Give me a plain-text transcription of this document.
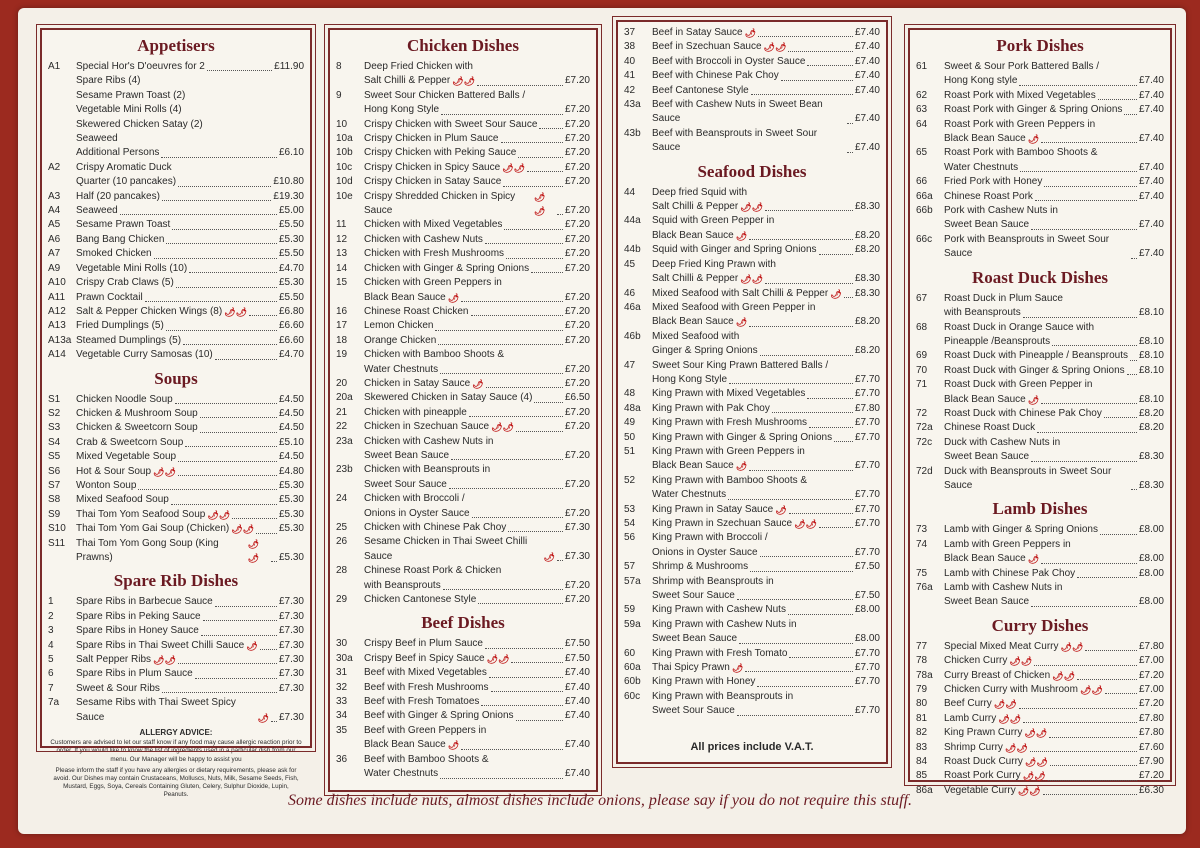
Appetisers
A1	Special Hor's D'oeuvres for 2	£11.90
Spare Ribs (4)
Sesame Prawn Toast (2)
Vegetable Mini Rolls (4)
Skewered Chicken Satay (2)
Seaweed
Additional Persons	£6.10
A2	Crispy Aromatic Duck
Quarter (10 pancakes)	£10.80
A3	Half (20 pancakes)	£19.30
A4	Seaweed	£5.00
A5	Sesame Prawn Toast	£5.50
A6	Bang Bang Chicken	£5.30
A7	Smoked Chicken	£5.50
A9	Vegetable Mini Rolls (10)	£4.70
A10	Crispy Crab Claws (5)	£5.30
A11	Prawn Cocktail	£5.50
A12	Salt & Pepper Chicken Wings (8) 🌶🌶	£6.80
A13	Fried Dumplings (5)	£6.60
A13a Steamed Dumplings (5)	£6.60
A14	Vegetable Curry Samosas (10)	£4.70
Soups
S1	Chicken Noodle Soup	£4.50
S2	Chicken & Mushroom Soup	£4.50
S3	Chicken & Sweetcorn Soup	£4.50
S4	Crab & Sweetcorn Soup	£5.10
S5	Mixed Vegetable Soup	£4.50
S6	Hot & Sour Soup 🌶🌶	£4.80
S7	Wonton Soup	£5.30
S8	Mixed Seafood Soup	£5.30
S9	Thai Tom Yom Seafood Soup 🌶🌶	£5.30
S10	Thai Tom Yom Gai Soup (Chicken) 🌶🌶 £5.30
S11	Thai Tom Yom Gong Soup (King Prawns)
🌶🌶	£5.30
Spare Rib Dishes
1	Spare Ribs in Barbecue Sauce	£7.30
2	Spare Ribs in Peking Sauce	£7.30
3	Spare Ribs in Honey Sauce	£7.30
4	Spare Ribs in Thai Sweet Chilli Sauce 🌶 £7.30
5	Salt Pepper Ribs 🌶🌶	£7.30
6	Spare Ribs in Plum Sauce	£7.30
7	Sweet & Sour Ribs	£7.30
7a	Sesame Ribs with Thai Sweet Spicy Sauce	🌶 £7.30
ALLERGY ADVICE:
Customers are advised to let our staff know if any food may cause allergic reaction prior to order. If you would like to know the list of ingredients used in a particular dish from our menu. Our Manager will be happy to assist you
Please inform the staff if you have any allergies or dietary requirements, please ask for avoid. Our Dishes may contain Crustaceans, Molluscs, Nuts, Milk, Sesame Seeds, Fish, Mustard, Eggs, Soya, Cereals Containing Gluten, Celery, Sulphur Dioxide, Lupin, Peanuts.
Chicken Dishes
8	Deep Fried Chicken with
Salt Chilli & Pepper 🌶🌶	£7.20
9	Sweet Sour Chicken Battered Balls /
Hong Kong Style	£7.20
10	Crispy Chicken with Sweet Sour Sauce	£7.20
10a	Crispy Chicken in Plum Sauce	£7.20
10b	Crispy Chicken with Peking Sauce	£7.20
10c	Crispy Chicken in Spicy Sauce 🌶🌶	£7.20
10d	Crispy Chicken in Satay Sauce	£7.20
10e	Crispy Shredded Chicken in Spicy Sauce
🌶🌶	£7.20
11	Chicken with Mixed Vegetables	£7.20
12	Chicken with Cashew Nuts	£7.20
13	Chicken with Fresh Mushrooms	£7.20
14	Chicken with Ginger & Spring Onions	£7.20
15	Chicken with Green Peppers in
Black Bean Sauce 🌶	£7.20
16	Chinese Roast Chicken	£7.20
17	Lemon Chicken	£7.20
18	Orange Chicken	£7.20
19	Chicken with Bamboo Shoots &
Water Chestnuts	£7.20
20	Chicken in Satay Sauce 🌶	£7.20
20a	Skewered Chicken in Satay Sauce (4)	£6.50
21	Chicken with pineapple	£7.20
22	Chicken in Szechuan Sauce 🌶🌶	£7.20
23a	Chicken with Cashew Nuts in
Sweet Bean Sauce	£7.20
23b	Chicken with Beansprouts in
Sweet Sour Sauce	£7.20
24	Chicken with Broccoli /
Onions in Oyster Sauce	£7.20
25	Chicken with Chinese Pak Choy	£7.30
26	Sesame Chicken in Thai Sweet Chilli Sauce	🌶 £7.30
28	Chinese Roast Pork & Chicken
with Beansprouts	£7.20
29	Chicken Cantonese Style	£7.20
Beef Dishes
30	Crispy Beef in Plum Sauce	£7.50
30a	Crispy Beef in Spicy Sauce 🌶🌶	£7.50
31	Beef with Mixed Vegetables	£7.40
32	Beef with Fresh Mushrooms	£7.40
33	Beef with Fresh Tomatoes	£7.40
34	Beef with Ginger & Spring Onions	£7.40
35	Beef with Green Peppers in
Black Bean Sauce 🌶	£7.40
36	Beef with Bamboo Shoots &
Water Chestnuts	£7.40
37	Beef in Satay Sauce 🌶	£7.40
38	Beef in Szechuan Sauce 🌶🌶	£7.40
40	Beef with Broccoli in Oyster Sauce	£7.40
41	Beef with Chinese Pak Choy	£7.40
42	Beef Cantonese Style	£7.40
43a	Beef with Cashew Nuts in Sweet Bean Sauce	£7.40
43b	Beef with Beansprouts in Sweet Sour Sauce	£7.40
Seafood Dishes
44	Deep fried Squid with
Salt Chilli & Pepper 🌶🌶	£8.30
44a	Squid with Green Pepper in
Black Bean Sauce 🌶	£8.20
44b	Squid with Ginger and Spring Onions	£8.20
45	Deep Fried King Prawn with
Salt Chilli & Pepper 🌶🌶	£8.30
46	Mixed Seafood with Salt Chilli & Pepper 🌶 £8.30
46a	Mixed Seafood with Green Pepper in
Black Bean Sauce 🌶	£8.20
46b	Mixed Seafood with
Ginger & Spring Onions	£8.20
47	Sweet Sour King Prawn Battered Balls /
Hong Kong Style	£7.70
48	King Prawn with Mixed Vegetables	£7.70
48a	King Prawn with Pak Choy	£7.80
49	King Prawn with Fresh Mushrooms	£7.70
50	King Prawn with Ginger & Spring Onions £7.70
51	King Prawn with Green Peppers in
Black Bean Sauce 🌶	£7.70
52	King Prawn with Bamboo Shoots &
Water Chestnuts	£7.70
53	King Prawn in Satay Sauce 🌶	£7.70
54	King Prawn in Szechuan Sauce 🌶🌶	£7.70
56	King Prawn with Broccoli /
Onions in Oyster Sauce	£7.70
57	Shrimp & Mushrooms	£7.50
57a	Shrimp with Beansprouts in
Sweet Sour Sauce	£7.50
59	King Prawn with Cashew Nuts	£8.00
59a	King Prawn with Cashew Nuts in
Sweet Bean Sauce	£8.00
60	King Prawn with Fresh Tomato	£7.70
60a	Thai Spicy Prawn 🌶	£7.70
60b	King Prawn with Honey	£7.70
60c	King Prawn with Beansprouts in
Sweet Sour Sauce	£7.70
All prices include V.A.T.
Pork Dishes
61	Sweet & Sour Pork Battered Balls /
Hong Kong style	£7.40
62	Roast Pork with Mixed Vegetables	£7.40
63	Roast Pork with Ginger & Spring Onions £7.40
64	Roast Pork with Green Peppers in
Black Bean Sauce 🌶	£7.40
65	Roast Pork with Bamboo Shoots &
Water Chestnuts	£7.40
66	Fried Pork with Honey	£7.40
66a	Chinese Roast Pork	£7.40
66b	Pork with Cashew Nuts in
Sweet Bean Sauce	£7.40
66c	Pork with Beansprouts in Sweet Sour Sauce	£7.40
Roast Duck Dishes
67	Roast Duck in Plum Sauce
with Beansprouts	£8.10
68	Roast Duck in Orange Sauce with
Pineapple /Beansprouts	£8.10
69	Roast Duck with Pineapple / Beansprouts £8.10
70	Roast Duck with Ginger & Spring Onions £8.10
71	Roast Duck with Green Pepper in
Black Bean Sauce 🌶	£8.10
72	Roast Duck with Chinese Pak Choy	£8.20
72a	Chinese Roast Duck	£8.20
72c	Duck with Cashew Nuts in
Sweet Bean Sauce	£8.30
72d	Duck with Beansprouts in Sweet Sour Sauce	£8.30
Lamb Dishes
73	Lamb with Ginger & Spring Onions	£8.00
74	Lamb with Green Peppers in
Black Bean Sauce 🌶	£8.00
75	Lamb with Chinese Pak Choy	£8.00
76a	Lamb with Cashew Nuts in
Sweet Bean Sauce	£8.00
Curry Dishes
77	Special Mixed Meat Curry 🌶🌶	£7.80
78	Chicken Curry 🌶🌶	£7.00
78a	Curry Breast of Chicken 🌶🌶	£7.20
79	Chicken Curry with Mushroom 🌶🌶	£7.00
80	Beef Curry 🌶🌶	£7.20
81	Lamb Curry 🌶🌶	£7.80
82	King Prawn Curry 🌶🌶	£7.80
83	Shrimp Curry 🌶🌶	£7.60
84	Roast Duck Curry 🌶🌶	£7.90
85	Roast Pork Curry 🌶🌶	£7.20
86a	Vegetable Curry 🌶🌶	£6.30
Some dishes include nuts, almost dishes include onions, please say if you do not require this stuff.
